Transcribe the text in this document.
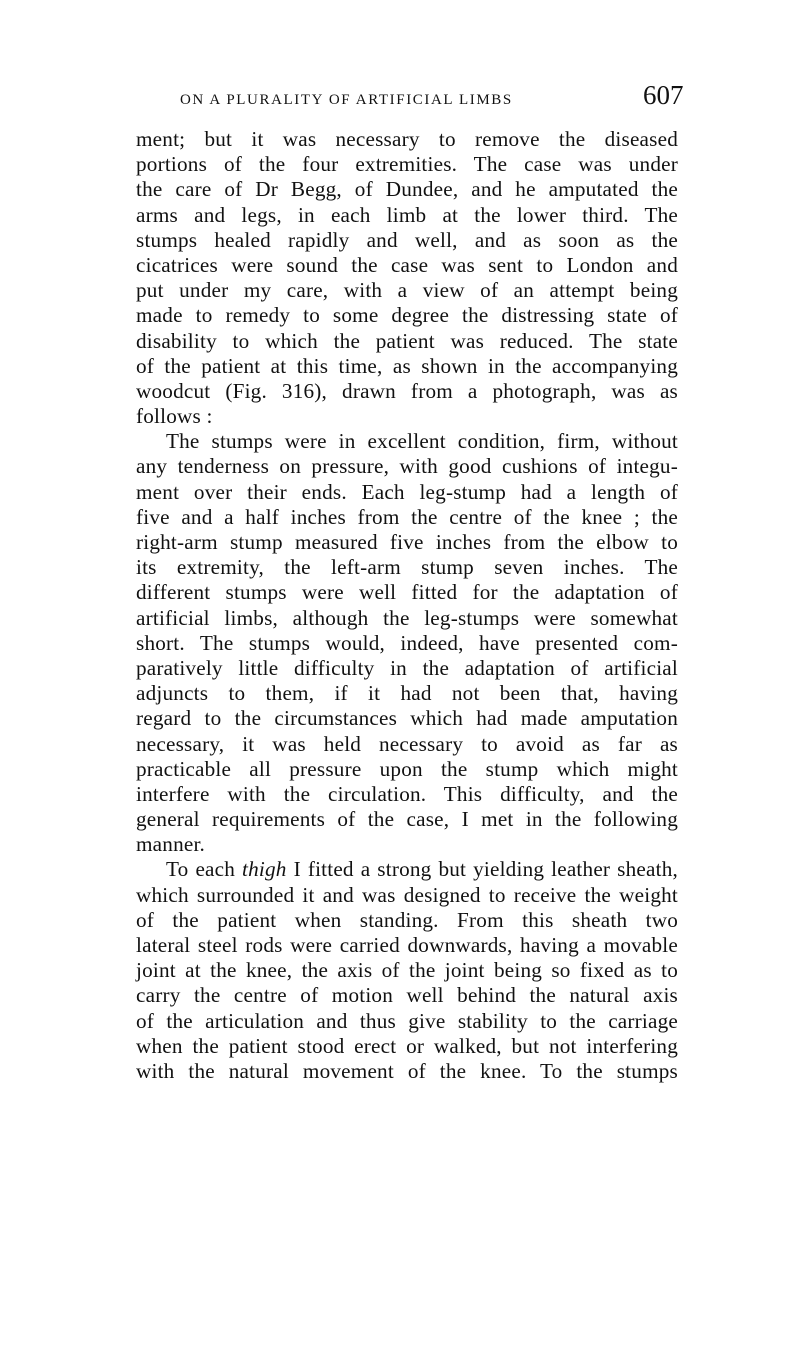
ON A PLURALITY OF ARTIFICIAL LIMBS	607
ment; but it was necessary to remove the diseased
portions of the four extremities. The case was under
the care of Dr Begg, of Dundee, and he amputated the
arms and legs, in each limb at the lower third. The
stumps healed rapidly and well, and as soon as the
cicatrices were sound the case was sent to London and
put under my care, with a view of an attempt being
made to remedy to some degree the distressing state of
disability to which the patient was reduced. The state
of the patient at this time, as shown in the accompanying
woodcut (Fig. 316), drawn from a photograph, was as
follows :
The stumps were in excellent condition, firm, without
any tenderness on pressure, with good cushions of integu-
ment over their ends. Each leg-stump had a length of
five and a half inches from the centre of the knee ; the
right-arm stump measured five inches from the elbow to
its extremity, the left-arm stump seven inches. The
different stumps were well fitted for the adaptation of
artificial limbs, although the leg-stumps were somewhat
short. The stumps would, indeed, have presented com-
paratively little difficulty in the adaptation of artificial
adjuncts to them, if it had not been that, having
regard to the circumstances which had made amputation
necessary, it was held necessary to avoid as far as
practicable all pressure upon the stump which might
interfere with the circulation. This difficulty, and the
general requirements of the case, I met in the following
manner.
To each thigh I fitted a strong but yielding leather sheath,
which surrounded it and was designed to receive the weight
of the patient when standing. From this sheath two
lateral steel rods were carried downwards, having a movable
joint at the knee, the axis of the joint being so fixed as to
carry the centre of motion well behind the natural axis
of the articulation and thus give stability to the carriage
when the patient stood erect or walked, but not interfering
with the natural movement of the knee. To the stumps
